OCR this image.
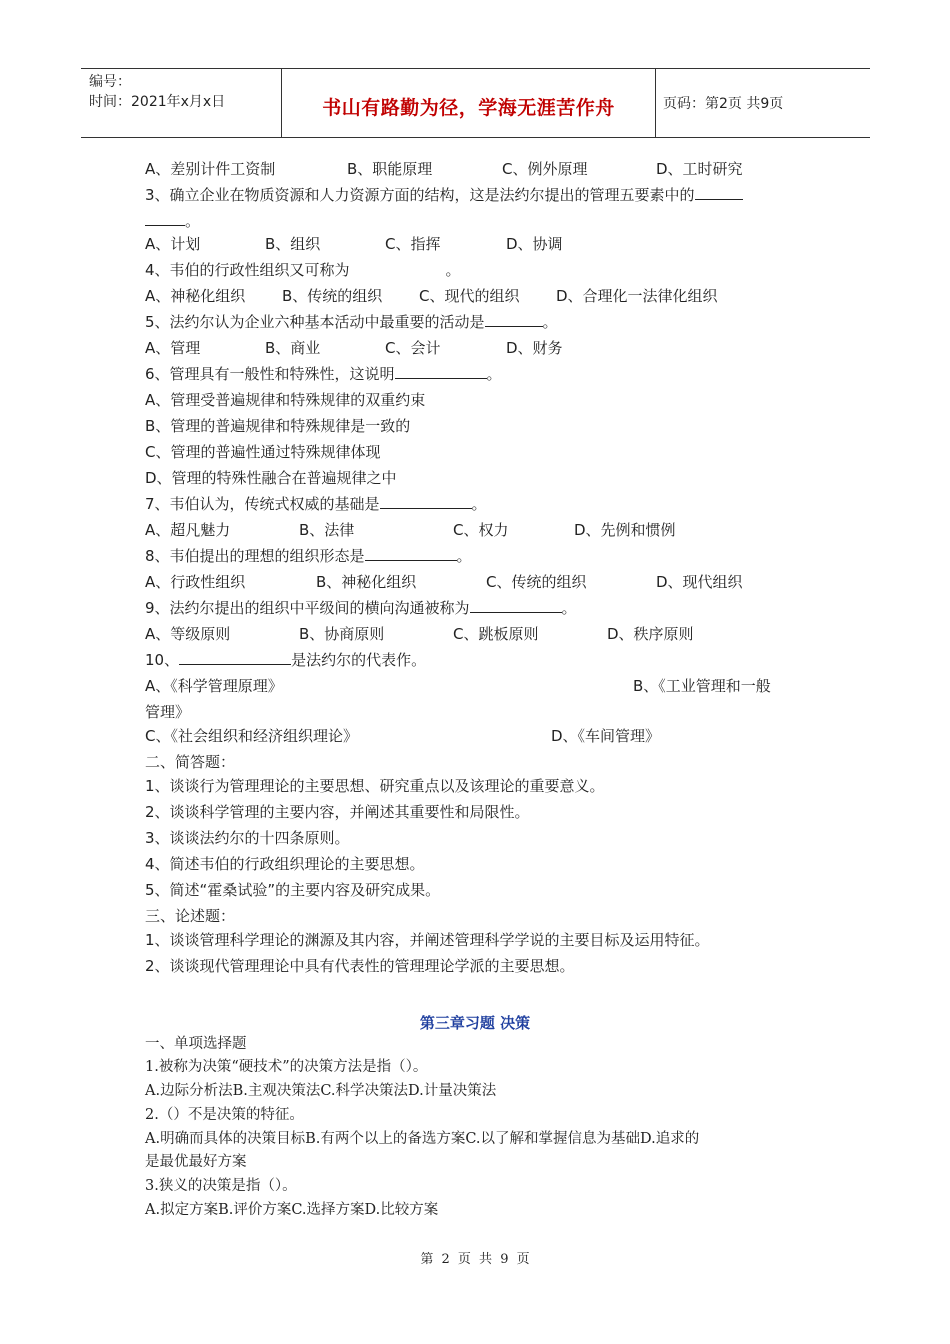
编号：
时间：2021年x月x日	书山有路勤为径，学海无涯苦作舟	页码：第2页 共9页
A、差别计件工资制	B、职能原理	C、例外原理	D、工时研究
3、确立企业在物质资源和人力资源方面的结构，这是法约尔提出的管理五要素中的
。
A、计划	B、组织	C、指挥	D、协调
4、韦伯的行政性组织又可称为	。
A、神秘化组织 B、传统的组织 C、现代的组织 D、合理化一法律化组织
5、法约尔认为企业六种基本活动中最重要的活动是	。
A、管理	B、商业	C、会计	D、财务
6、管理具有一般性和特殊性，这说明	。
A、管理受普遍规律和特殊规律的双重约束
B、管理的普遍规律和特殊规律是一致的
C、管理的普遍性通过特殊规律体现
D、管理的特殊性融合在普遍规律之中
7、韦伯认为，传统式权威的基础是	。
A、超凡魅力	B、法律	C、权力	D、先例和惯例
8、韦伯提出的理想的组织形态是	。
A、行政性组织	B、神秘化组织	C、传统的组织	D、现代组织
9、法约尔提出的组织中平级间的横向沟通被称为	。
A、等级原则	B、协商原则	C、跳板原则	D、秩序原则
10、	是法约尔的代表作。
A、《科学管理原理》	B、《工业管理和一般
管理》
C、《社会组织和经济组织理论》	D、《车间管理》
二、简答题：
1、谈谈行为管理理论的主要思想、研究重点以及该理论的重要意义。
2、谈谈科学管理的主要内容，并阐述其重要性和局限性。
3、谈谈法约尔的十四条原则。
4、简述韦伯的行政组织理论的主要思想。
5、简述“霍桑试验”的主要内容及研究成果。
三、论述题：
1、谈谈管理科学理论的渊源及其内容，并阐述管理科学学说的主要目标及运用特征。
2、谈谈现代管理理论中具有代表性的管理理论学派的主要思想。
第三章习题 决策
一、单项选择题
1.被称为决策“硬技术”的决策方法是指（）。
A.边际分析法B.主观决策法C.科学决策法D.计量决策法
2.（）不是决策的特征。
A.明确而具体的决策目标B.有两个以上的备选方案C.以了解和掌握信息为基础D.追求的
是最优最好方案
3.狭义的决策是指（）。
A.拟定方案B.评价方案C.选择方案D.比较方案
第 2 页 共 9 页
